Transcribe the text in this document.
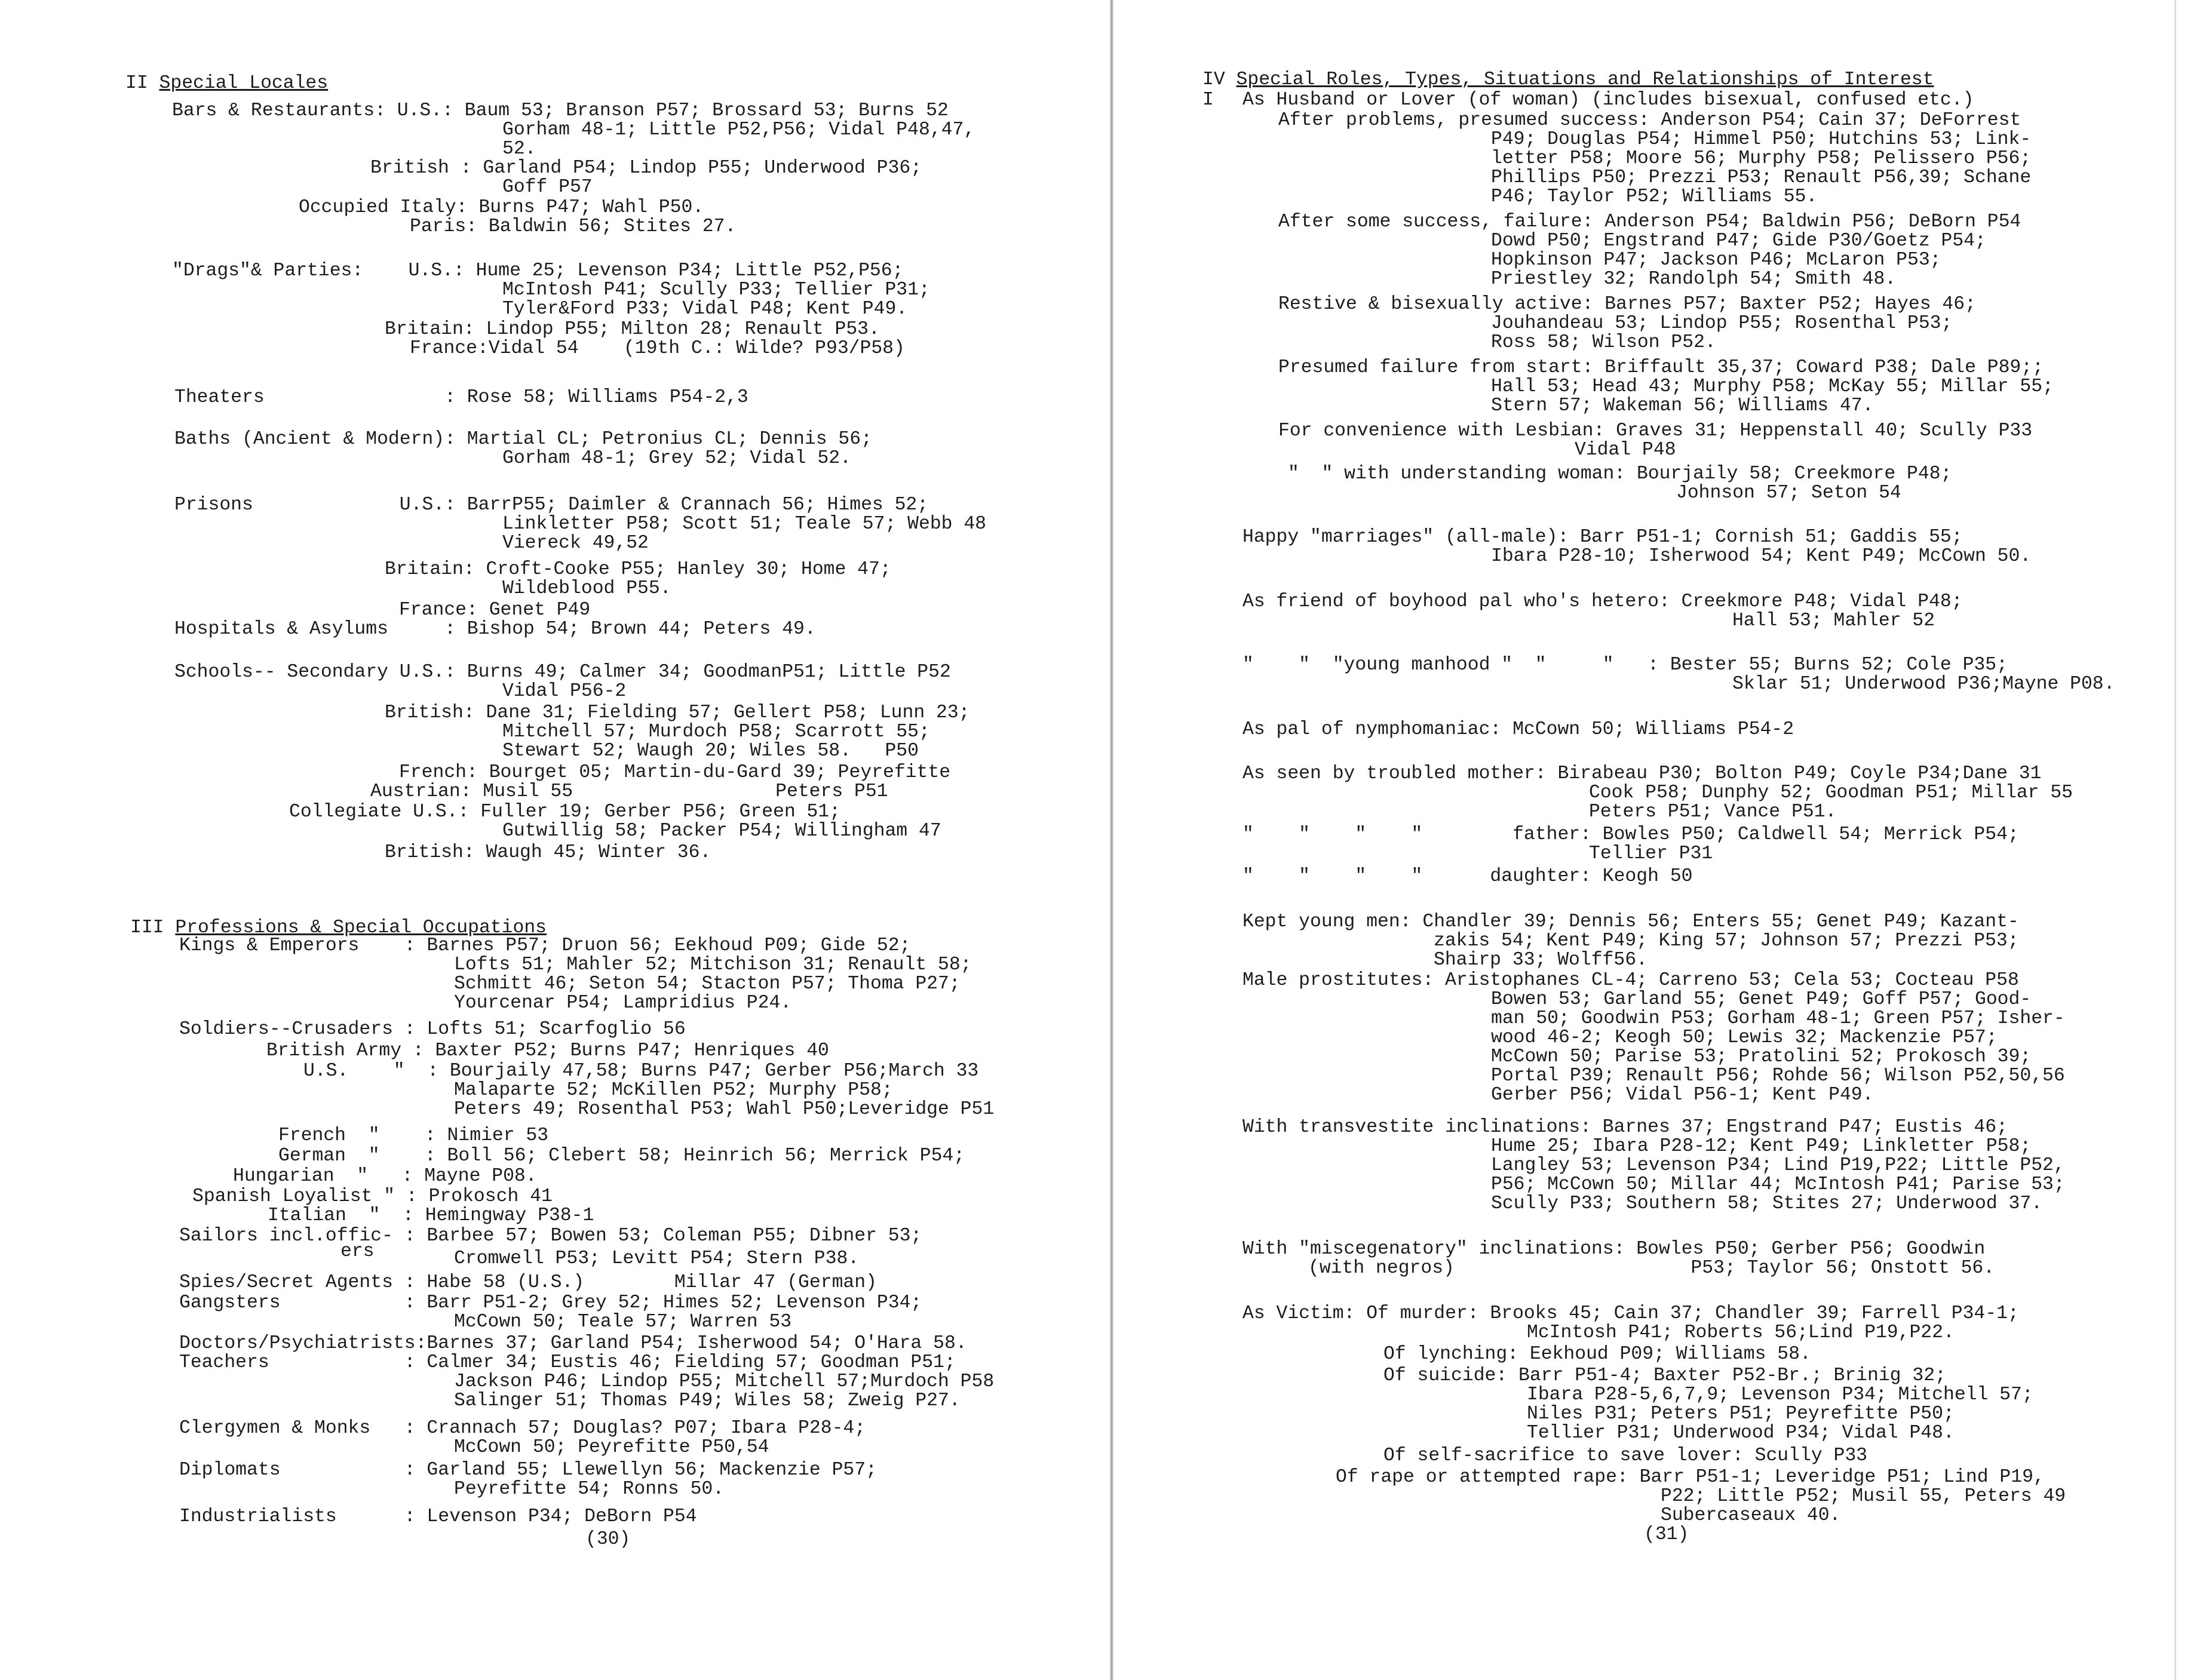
II Special Locales
III Professions & Special Occupations
Bars & Restaurants: U.S.: Baum 53; Branson P57; Brossard 53; Burns 52
Gorham 48-1; Little P52,P56; Vidal P48,47,
52.
British : Garland P54; Lindop P55; Underwood P36;
Goff P57
Occupied Italy: Burns P47; Wahl P50.
Paris: Baldwin 56; Stites 27.
"Drags"& Parties:    U.S.: Hume 25; Levenson P34; Little P52,P56;
McIntosh P41; Scully P33; Tellier P31;
Tyler&Ford P33; Vidal P48; Kent P49.
Britain: Lindop P55; Milton 28; Renault P53.
France:Vidal 54    (19th C.: Wilde? P93/P58)
Theaters                : Rose 58; Williams P54-2,3
Baths (Ancient & Modern): Martial CL; Petronius CL; Dennis 56;
Gorham 48-1; Grey 52; Vidal 52.
Prisons             U.S.: BarrP55; Daimler & Crannach 56; Himes 52;
Linkletter P58; Scott 51; Teale 57; Webb 48
Viereck 49,52
Britain: Croft-Cooke P55; Hanley 30; Home 47;
Wildeblood P55.
France: Genet P49
Hospitals & Asylums     : Bishop 54; Brown 44; Peters 49.
Schools-- Secondary U.S.: Burns 49; Calmer 34; GoodmanP51; Little P52
Vidal P56-2
British: Dane 31; Fielding 57; Gellert P58; Lunn 23;
Mitchell 57; Murdoch P58; Scarrott 55;
Stewart 52; Waugh 20; Wiles 58.   P50
French: Bourget 05; Martin-du-Gard 39; Peyrefitte
Austrian: Musil 55                  Peters P51
Collegiate U.S.: Fuller 19; Gerber P56; Green 51;
Gutwillig 58; Packer P54; Willingham 47
British: Waugh 45; Winter 36.
Kings & Emperors    : Barnes P57; Druon 56; Eekhoud P09; Gide 52;
Lofts 51; Mahler 52; Mitchison 31; Renault 58;
Schmitt 46; Seton 54; Stacton P57; Thoma P27;
Yourcenar P54; Lampridius P24.
Soldiers--Crusaders : Lofts 51; Scarfoglio 56
British Army : Baxter P52; Burns P47; Henriques 40
U.S.    "  : Bourjaily 47,58; Burns P47; Gerber P56;March 33
Malaparte 52; McKillen P52; Murphy P58;
Peters 49; Rosenthal P53; Wahl P50;Leveridge P51
French  "    : Nimier 53
German  "    : Boll 56; Clebert 58; Heinrich 56; Merrick P54;
Hungarian  "   : Mayne P08.
Spanish Loyalist " : Prokosch 41
Italian  "  : Hemingway P38-1
Sailors incl.offic- : Barbee 57; Bowen 53; Coleman P55; Dibner 53;
ers	Cromwell P53; Levitt P54; Stern P38.
Spies/Secret Agents : Habe 58 (U.S.)        Millar 47 (German)
Gangsters           : Barr P51-2; Grey 52; Himes 52; Levenson P34;
McCown 50; Teale 57; Warren 53
Doctors/Psychiatrists:Barnes 37; Garland P54; Isherwood 54; O'Hara 58.
Teachers            : Calmer 34; Eustis 46; Fielding 57; Goodman P51;
Jackson P46; Lindop P55; Mitchell 57;Murdoch P58
Salinger 51; Thomas P49; Wiles 58; Zweig P27.
Clergymen & Monks   : Crannach 57; Douglas? P07; Ibara P28-4;
McCown 50; Peyrefitte P50,54
Diplomats           : Garland 55; Llewellyn 56; Mackenzie P57;
Peyrefitte 54; Ronns 50.
Industrialists      : Levenson P34; DeBorn P54
(30)
IV Special Roles, Types, Situations and Relationships of Interest
I As Husband or Lover (of woman) (includes bisexual, confused etc.)
After problems, presumed success: Anderson P54; Cain 37; DeForrest
P49; Douglas P54; Himmel P50; Hutchins 53; Link-
letter P58; Moore 56; Murphy P58; Pelissero P56;
Phillips P50; Prezzi P53; Renault P56,39; Schane
P46; Taylor P52; Williams 55.
After some success, failure: Anderson P54; Baldwin P56; DeBorn P54
Dowd P50; Engstrand P47; Gide P30/Goetz P54;
Hopkinson P47; Jackson P46; McLaron P53;
Priestley 32; Randolph 54; Smith 48.
Restive & bisexually active: Barnes P57; Baxter P52; Hayes 46;
Jouhandeau 53; Lindop P55; Rosenthal P53;
Ross 58; Wilson P52.
Presumed failure from start: Briffault 35,37; Coward P38; Dale P89;;
Hall 53; Head 43; Murphy P58; McKay 55; Millar 55;
Stern 57; Wakeman 56; Williams 47.
For convenience with Lesbian: Graves 31; Heppenstall 40; Scully P33
Vidal P48
"  " with understanding woman: Bourjaily 58; Creekmore P48;
Johnson 57; Seton 54
Happy "marriages" (all-male): Barr P51-1; Cornish 51; Gaddis 55;
Ibara P28-10; Isherwood 54; Kent P49; McCown 50.
As friend of boyhood pal who's hetero: Creekmore P48; Vidal P48;
Hall 53; Mahler 52
"    "  "young manhood "  "     "   : Bester 55; Burns 52; Cole P35;
Sklar 51; Underwood P36;Mayne P08.
As pal of nymphomaniac: McCown 50; Williams P54-2
As seen by troubled mother: Birabeau P30; Bolton P49; Coyle P34;Dane 31
Cook P58; Dunphy 52; Goodman P51; Millar 55
Peters P51; Vance P51.
"    "    "    "        father: Bowles P50; Caldwell 54; Merrick P54;
Tellier P31
"    "    "    "      daughter: Keogh 50
Kept young men: Chandler 39; Dennis 56; Enters 55; Genet P49; Kazant-
zakis 54; Kent P49; King 57; Johnson 57; Prezzi P53;
Shairp 33; Wolff56.
Male prostitutes: Aristophanes CL-4; Carreno 53; Cela 53; Cocteau P58
Bowen 53; Garland 55; Genet P49; Goff P57; Good-
man 50; Goodwin P53; Gorham 48-1; Green P57; Isher-
wood 46-2; Keogh 50; Lewis 32; Mackenzie P57;
McCown 50; Parise 53; Pratolini 52; Prokosch 39;
Portal P39; Renault P56; Rohde 56; Wilson P52,50,56
Gerber P56; Vidal P56-1; Kent P49.
With transvestite inclinations: Barnes 37; Engstrand P47; Eustis 46;
Hume 25; Ibara P28-12; Kent P49; Linkletter P58;
Langley 53; Levenson P34; Lind P19,P22; Little P52,
P56; McCown 50; Millar 44; McIntosh P41; Parise 53;
Scully P33; Southern 58; Stites 27; Underwood 37.
With "miscegenatory" inclinations: Bowles P50; Gerber P56; Goodwin
(with negros)                     P53; Taylor 56; Onstott 56.
As Victim: Of murder: Brooks 45; Cain 37; Chandler 39; Farrell P34-1;
McIntosh P41; Roberts 56;Lind P19,P22.
Of lynching: Eekhoud P09; Williams 58.
Of suicide: Barr P51-4; Baxter P52-Br.; Brinig 32;
Ibara P28-5,6,7,9; Levenson P34; Mitchell 57;
Niles P31; Peters P51; Peyrefitte P50;
Tellier P31; Underwood P34; Vidal P48.
Of self-sacrifice to save lover: Scully P33
Of rape or attempted rape: Barr P51-1; Leveridge P51; Lind P19,
P22; Little P52; Musil 55, Peters 49
Subercaseaux 40.
(31)
